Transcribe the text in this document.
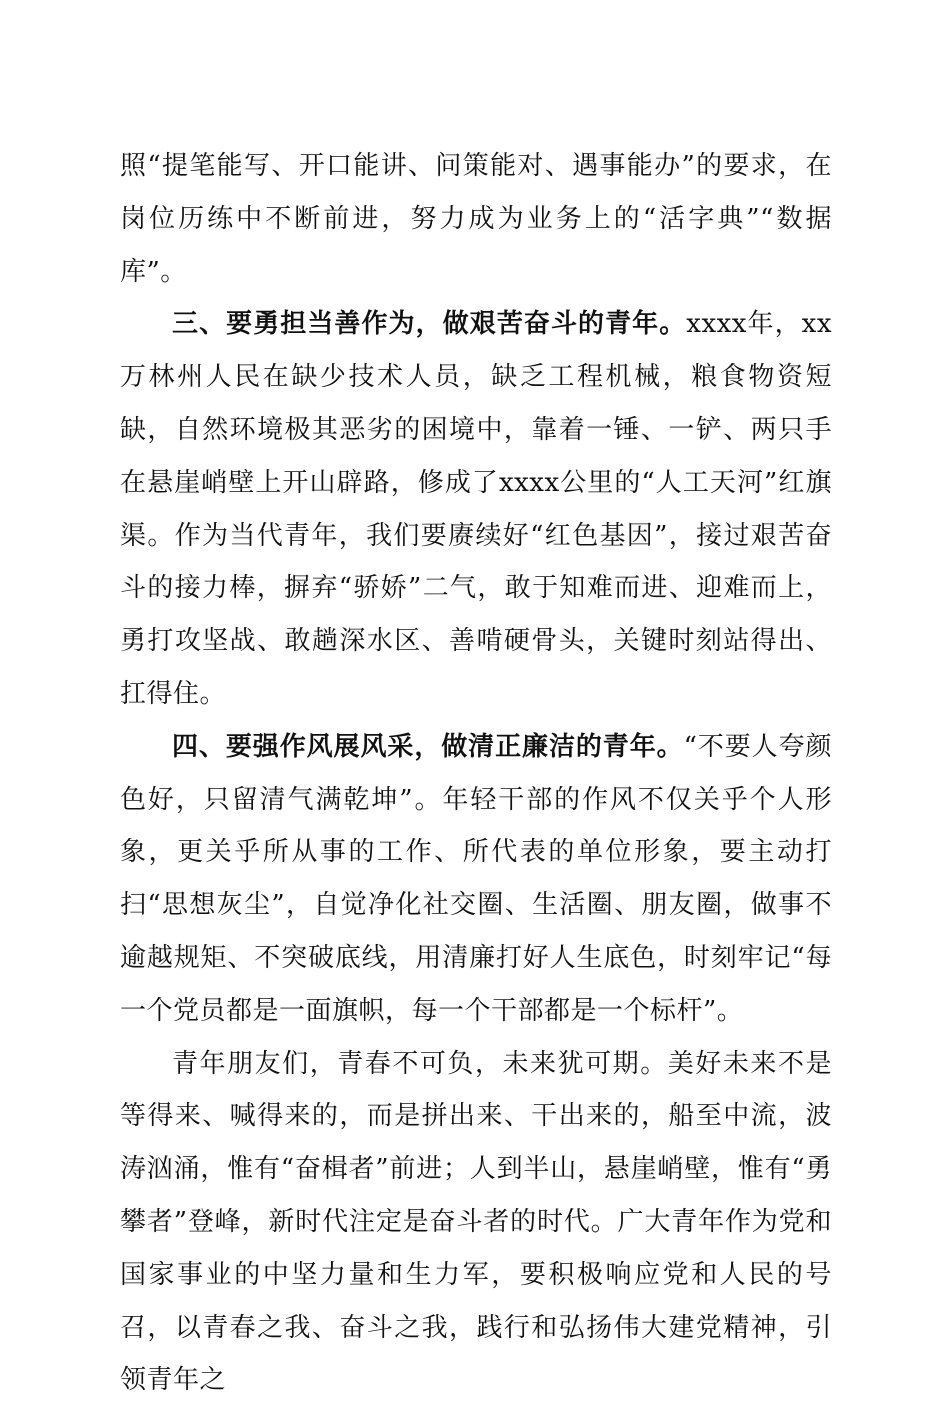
照“提笔能写、开口能讲、问策能对、遇事能办”的要求，在岗位历练中不断前进，努力成为业务上的“活字典”“数据库”。

三、要勇担当善作为，做艰苦奋斗的青年。xxxx年，xx万林州人民在缺少技术人员，缺乏工程机械，粮食物资短缺，自然环境极其恶劣的困境中，靠着一锤、一铲、两只手在悬崖峭壁上开山辟路，修成了xxxx公里的“人工天河”红旗渠。作为当代青年，我们要赓续好“红色基因”，接过艰苦奋斗的接力棒，摒弃“骄娇”二气，敢于知难而进、迎难而上，勇打攻坚战、敢趟深水区、善啃硬骨头，关键时刻站得出、扛得住。

四、要强作风展风采，做清正廉洁的青年。“不要人夸颜色好，只留清气满乾坤”。年轻干部的作风不仅关乎个人形象，更关乎所从事的工作、所代表的单位形象，要主动打扫“思想灰尘”，自觉净化社交圈、生活圈、朋友圈，做事不逾越规矩、不突破底线，用清廉打好人生底色，时刻牢记“每一个党员都是一面旗帜，每一个干部都是一个标杆”。

青年朋友们，青春不可负，未来犹可期。美好未来不是等得来、喊得来的，而是拼出来、干出来的，船至中流，波涛汹涌，惟有“奋楫者”前进；人到半山，悬崖峭壁，惟有“勇攀者”登峰，新时代注定是奋斗者的时代。广大青年作为党和国家事业的中坚力量和生力军，要积极响应党和人民的号召，以青春之我、奋斗之我，践行和弘扬伟大建党精神，引领青年之
